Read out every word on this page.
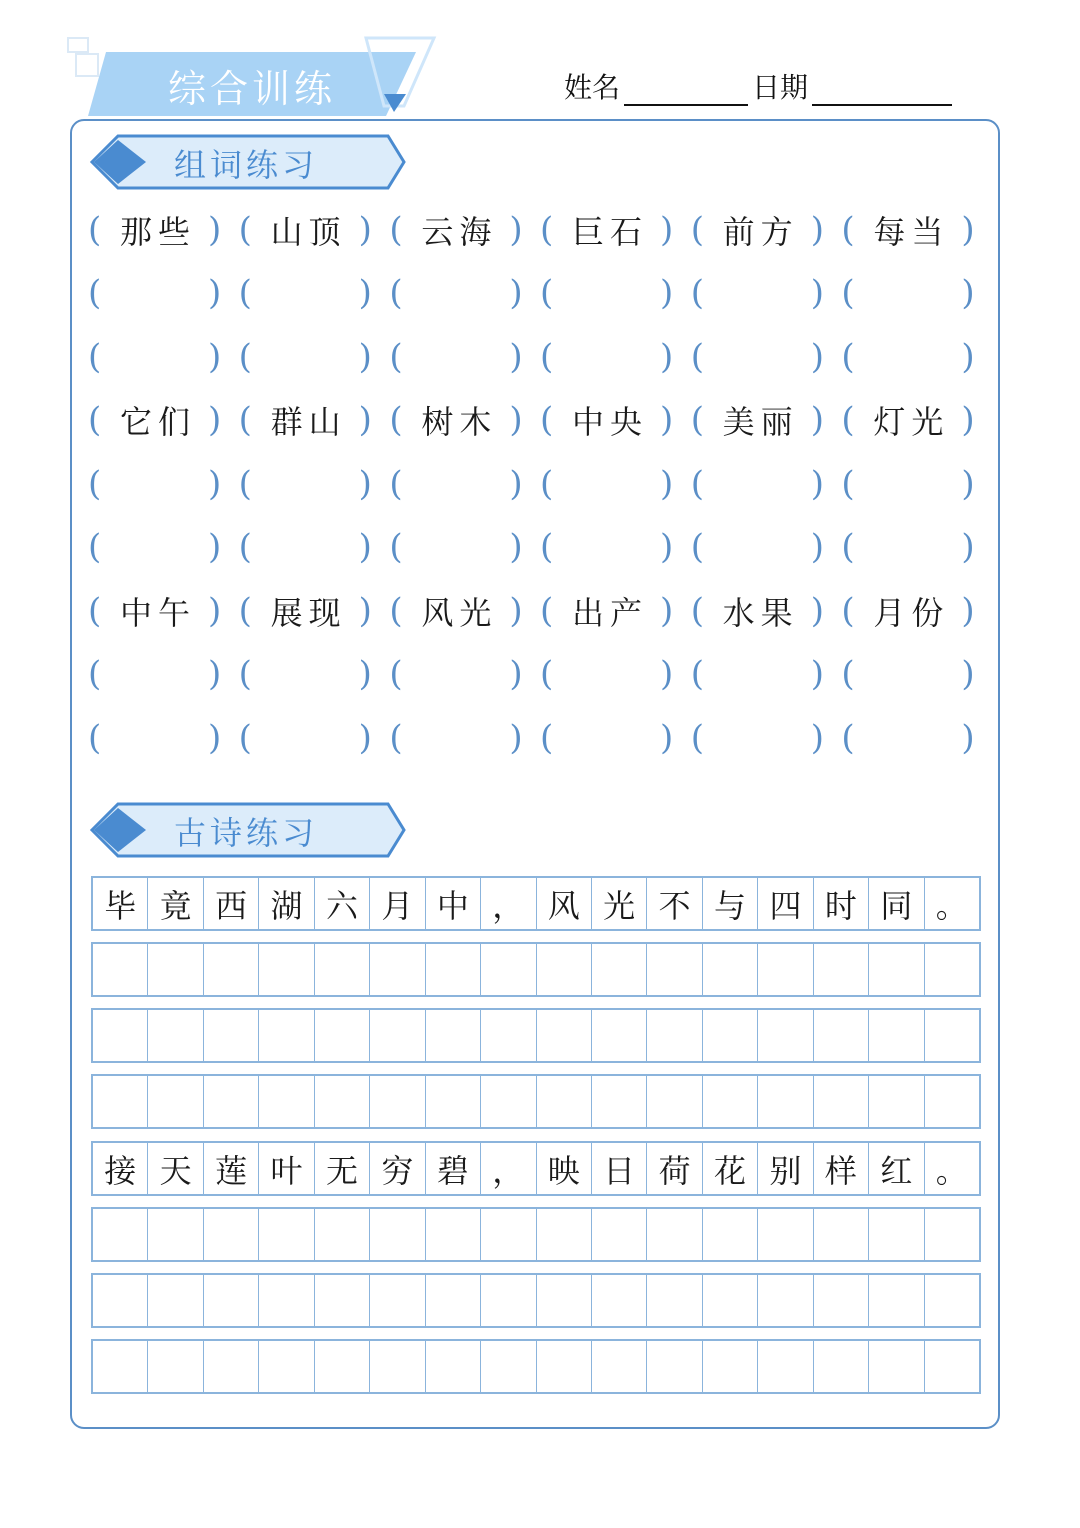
综合训练	姓名	日期
组词练习
( 那些 ) ( 山顶 ) ( 云海 ) ( 巨石 ) ( 前方 ) ( 每当 )
(	) (	) (	) (	) (	) (	)
(	) (	) (	) (	) (	) (	)
( 它们 ) ( 群山 ) ( 树木 ) ( 中央 ) ( 美丽 ) ( 灯光 )
(	) (	) (	) (	) (	) (	)
(	) (	) (	) (	) (	) (	)
( 中午 ) ( 展现 ) ( 风光 ) ( 出产 ) ( 水果 ) ( 月份 )
(	) (	) (	) (	) (	) (	)
(	) (	) (	) (	) (	) (	)
古诗练习
毕 竟 西 湖 六 月 中 ， 风 光 不 与 四 时 同 。
接 天 莲 叶 无 穷 碧 ， 映 日 荷 花 别 样 红 。
